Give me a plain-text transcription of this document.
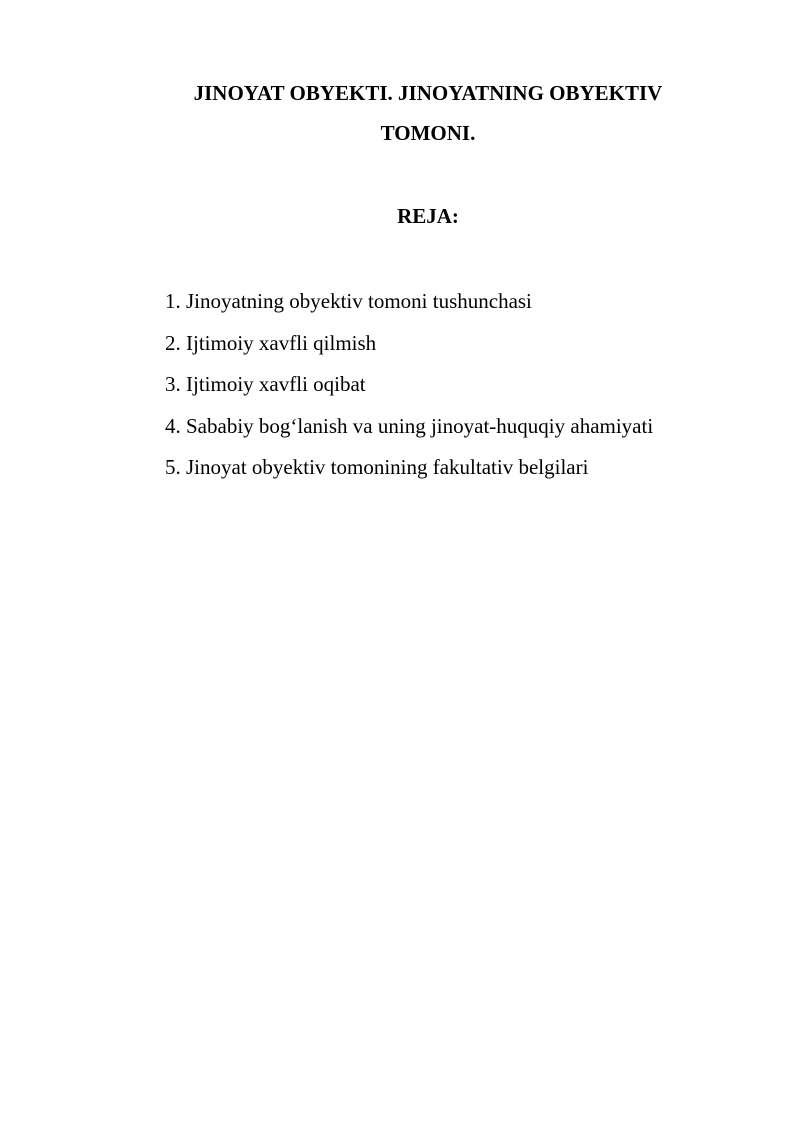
JINOYAT OBYEKTI. JINOYATNING OBYEKTIV
TOMONI.
REJA:
1. Jinoyatning obyektiv tomoni tushunchasi
2. Ijtimoiy xavfli qilmish
3. Ijtimoiy xavfli oqibat
4. Sababiy bog‘lanish va uning jinoyat-huquqiy ahamiyati
5. Jinoyat obyektiv tomonining fakultativ belgilari
